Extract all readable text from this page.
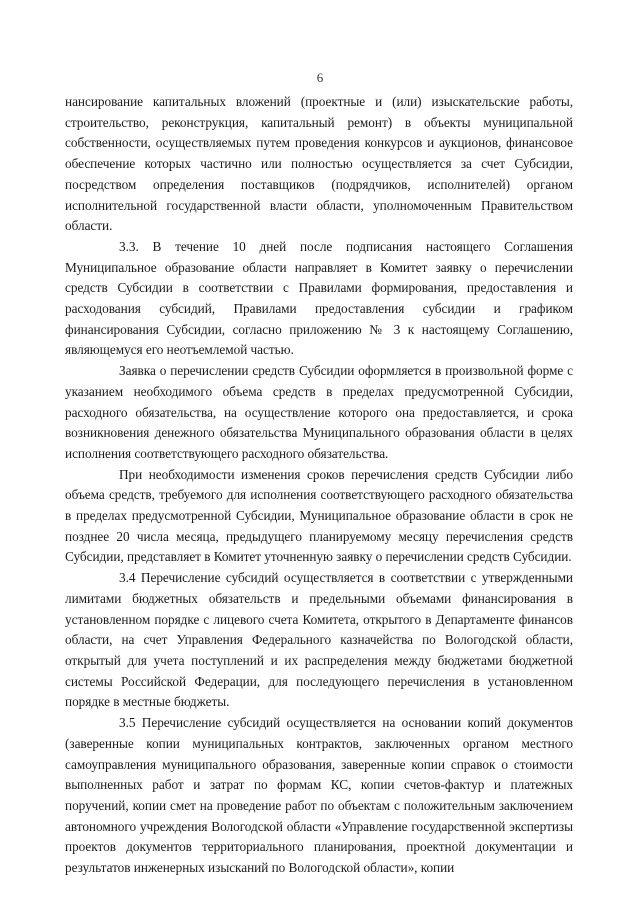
6

нансирование капитальных вложений (проектные и (или) изыскательские работы, строительство, реконструкция, капитальный ремонт) в объекты муниципальной собственности, осуществляемых путем проведения конкурсов и аукционов, финансовое обеспечение которых частично или полностью осуществляется за счет Субсидии, посредством определения поставщиков (подрядчиков, исполнителей) органом исполнительной государственной власти области, уполномоченным Правительством области.

3.3. В течение 10 дней после подписания настоящего Соглашения Муниципальное образование области направляет в Комитет заявку о перечислении средств Субсидии в соответствии с Правилами формирования, предоставления и расходования субсидий, Правилами предоставления субсидии и графиком финансирования Субсидии, согласно приложению № 3 к настоящему Соглашению, являющемуся его неотъемлемой частью.

Заявка о перечислении средств Субсидии оформляется в произвольной форме с указанием необходимого объема средств в пределах предусмотренной Субсидии, расходного обязательства, на осуществление которого она предоставляется, и срока возникновения денежного обязательства Муниципального образования области в целях исполнения соответствующего расходного обязательства.

При необходимости изменения сроков перечисления средств Субсидии либо объема средств, требуемого для исполнения соответствующего расходного обязательства в пределах предусмотренной Субсидии, Муниципальное образование области в срок не позднее 20 числа месяца, предыдущего планируемому месяцу перечисления средств Субсидии, представляет в Комитет уточненную заявку о перечислении средств Субсидии.

3.4 Перечисление субсидий осуществляется в соответствии с утвержденными лимитами бюджетных обязательств и предельными объемами финансирования в установленном порядке с лицевого счета Комитета, открытого в Департаменте финансов области, на счет Управления Федерального казначейства по Вологодской области, открытый для учета поступлений и их распределения между бюджетами бюджетной системы Российской Федерации, для последующего перечисления в установленном порядке в местные бюджеты.

3.5 Перечисление субсидий осуществляется на основании копий документов (заверенные копии муниципальных контрактов, заключенных органом местного самоуправления муниципального образования, заверенные копии справок о стоимости выполненных работ и затрат по формам КС, копии счетов-фактур и платежных поручений, копии смет на проведение работ по объектам с положительным заключением автономного учреждения Вологодской области «Управление государственной экспертизы проектов документов территориального планирования, проектной документации и результатов инженерных изысканий по Вологодской области», копии
